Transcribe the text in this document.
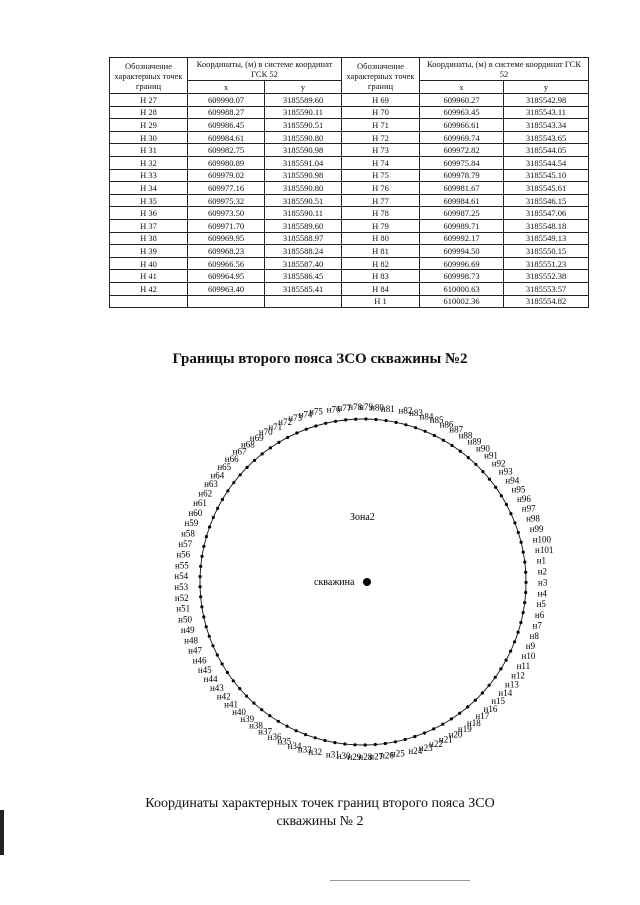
Обозначение характерных точек границ	Координаты, (м) в системе координат ГСК 52		Обозначение характерных точек границ	Координаты, (м) в системе координат ГСК 52	
	x	y		x	y
Н 27	609990.07	3185589.60	Н 69	609960.27	3185542.98
Н 28	609988.27	3185590.11	Н 70	609963.45	3185543.11
Н 29	609986.45	3185590.51	Н 71	609966.61	3185543.34
Н 30	609984.61	3185590.80	Н 72	609969.74	3185543.65
Н 31	609982.75	3185590.98	Н 73	609972.82	3185544.05
Н 32	609980.89	3185591.04	Н 74	609975.84	3185544.54
Н 33	609979.02	3185590.98	Н 75	609978.79	3185545.10
Н 34	609977.16	3185590.80	Н 76	609981.67	3185545.61
Н 35	609975.32	3185590.51	Н 77	609984.61	3185546.15
Н 36	609973.50	3185590.11	Н 78	609987.25	3185547.06
Н 37	609971.70	3185589.60	Н 79	609989.71	3185548.18
Н 38	609969.95	3185588.97	Н 80	609992.17	3185549.13
Н 39	609968.23	3185588.24	Н 81	609994.50	3185550.15
Н 40	609966.56	3185587.40	Н 82	609996.69	3185551.23
Н 41	609964.95	3185586.45	Н 83	609998.73	3185552.38
Н 42	609963.40	3185585.41	Н 84	610000.63	3185553.57
			Н 1	610002.36	3185554.82
Границы второго пояса ЗСО скважины №2
н1
н2
н3
н4
н5
н6
н7
н8
н9
н10
н11
н12
н13
н14
н15
н16
н17
н18
н19
н20
н21
н22
н23
н24
н25
н26
н27
н28
н29
н30
н31
н32
н33
н34
н35
н36
н37
н38
н39
н40
н41
н42
н43
н44
н45
н46
н47
н48
н49
н50
н51
н52
н53
н54
н55
н56
н57
н58
н59
н60
н61
н62
н63
н64
н65
н66
н67
н68
н69
н70
н71
н72
н73
н74
н75 н76
н77
н78
н79
н80
н81 н82
н83
н84
н85
н86
н87
н88
н89
н90
н91
н92
н93
н94
н95
н96
н97
н98
н99
н100
н101
Зона2
скважина
Координаты характерных точек границ второго пояса ЗСО
скважины № 2
